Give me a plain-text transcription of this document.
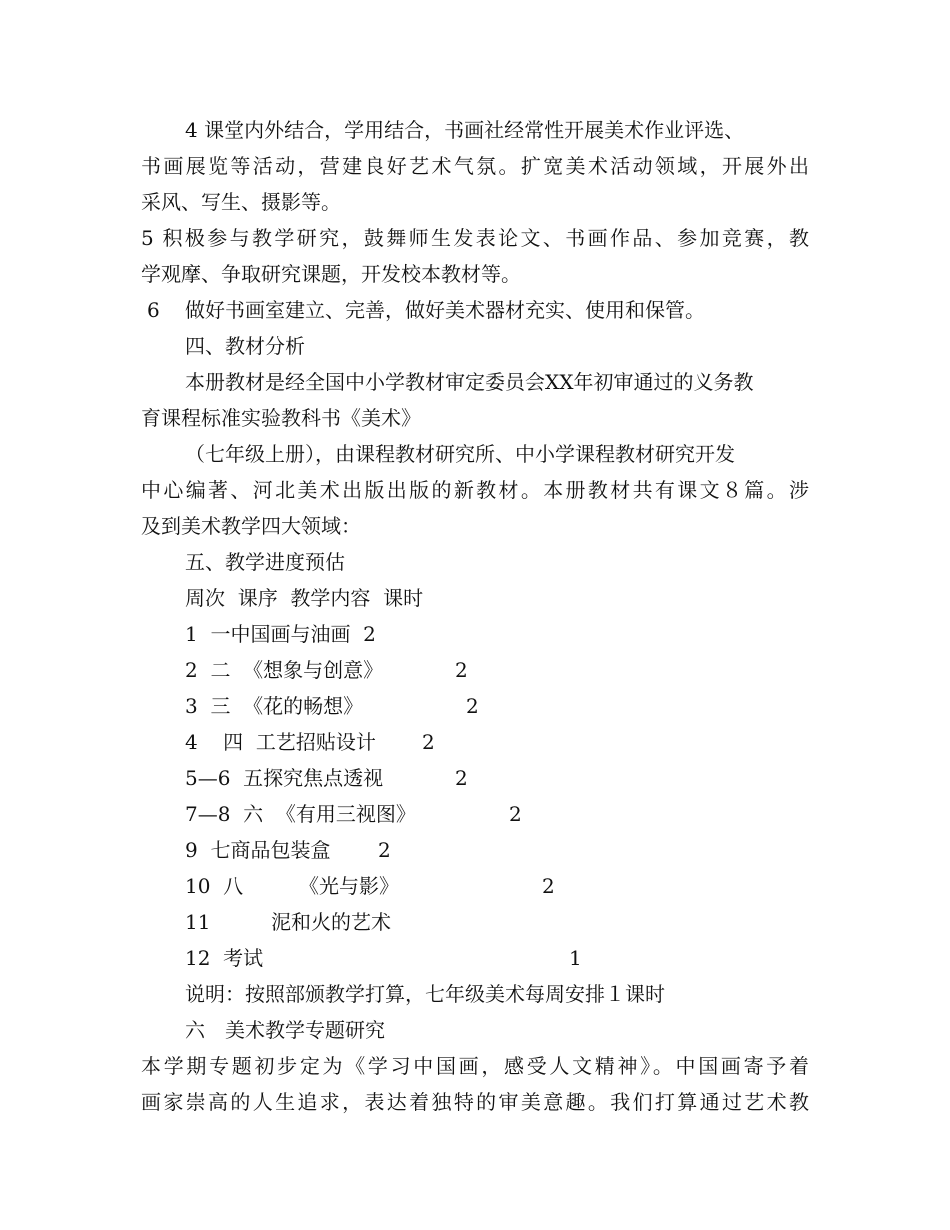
4 课堂内外结合，学用结合，书画社经常性开展美术作业评选、
书画展览等活动，营建良好艺术气氛。扩宽美术活动领域，开展外出
采风、写生、摄影等。
5 积极参与教学研究，鼓舞师生发表论文、书画作品、参加竞赛，教
学观摩、争取研究课题，开发校本教材等。
6 做好书画室建立、完善，做好美术器材充实、使用和保管。
四、教材分析
本册教材是经全国中小学教材审定委员会XX年初审通过的义务教
育课程标准实验教科书《美术》
（七年级上册），由课程教材研究所、中小学课程教材研究开发
中心编著、河北美术出版出版的新教材。本册教材共有课文８篇。涉
及到美术教学四大领域：
五、教学进度预估
周次  课序  教学内容  课时
1  一中国画与油画  2
2  二  《想象与创意》	2
3  三  《花的畅想》	2
4    四  工艺招贴设计 2
5—6  五探究焦点透视	2
7—8  六  《有用三视图》	2
9  七商品包装盒 2
10  八	《光与影》	2
11	泥和火的艺术
12  考试	1
说明：按照部颁教学打算，七年级美术每周安排１课时
六　美术教学专题研究
本学期专题初步定为《学习中国画，感受人文精神》。中国画寄予着
画家崇高的人生追求，表达着独特的审美意趣。我们打算通过艺术教
